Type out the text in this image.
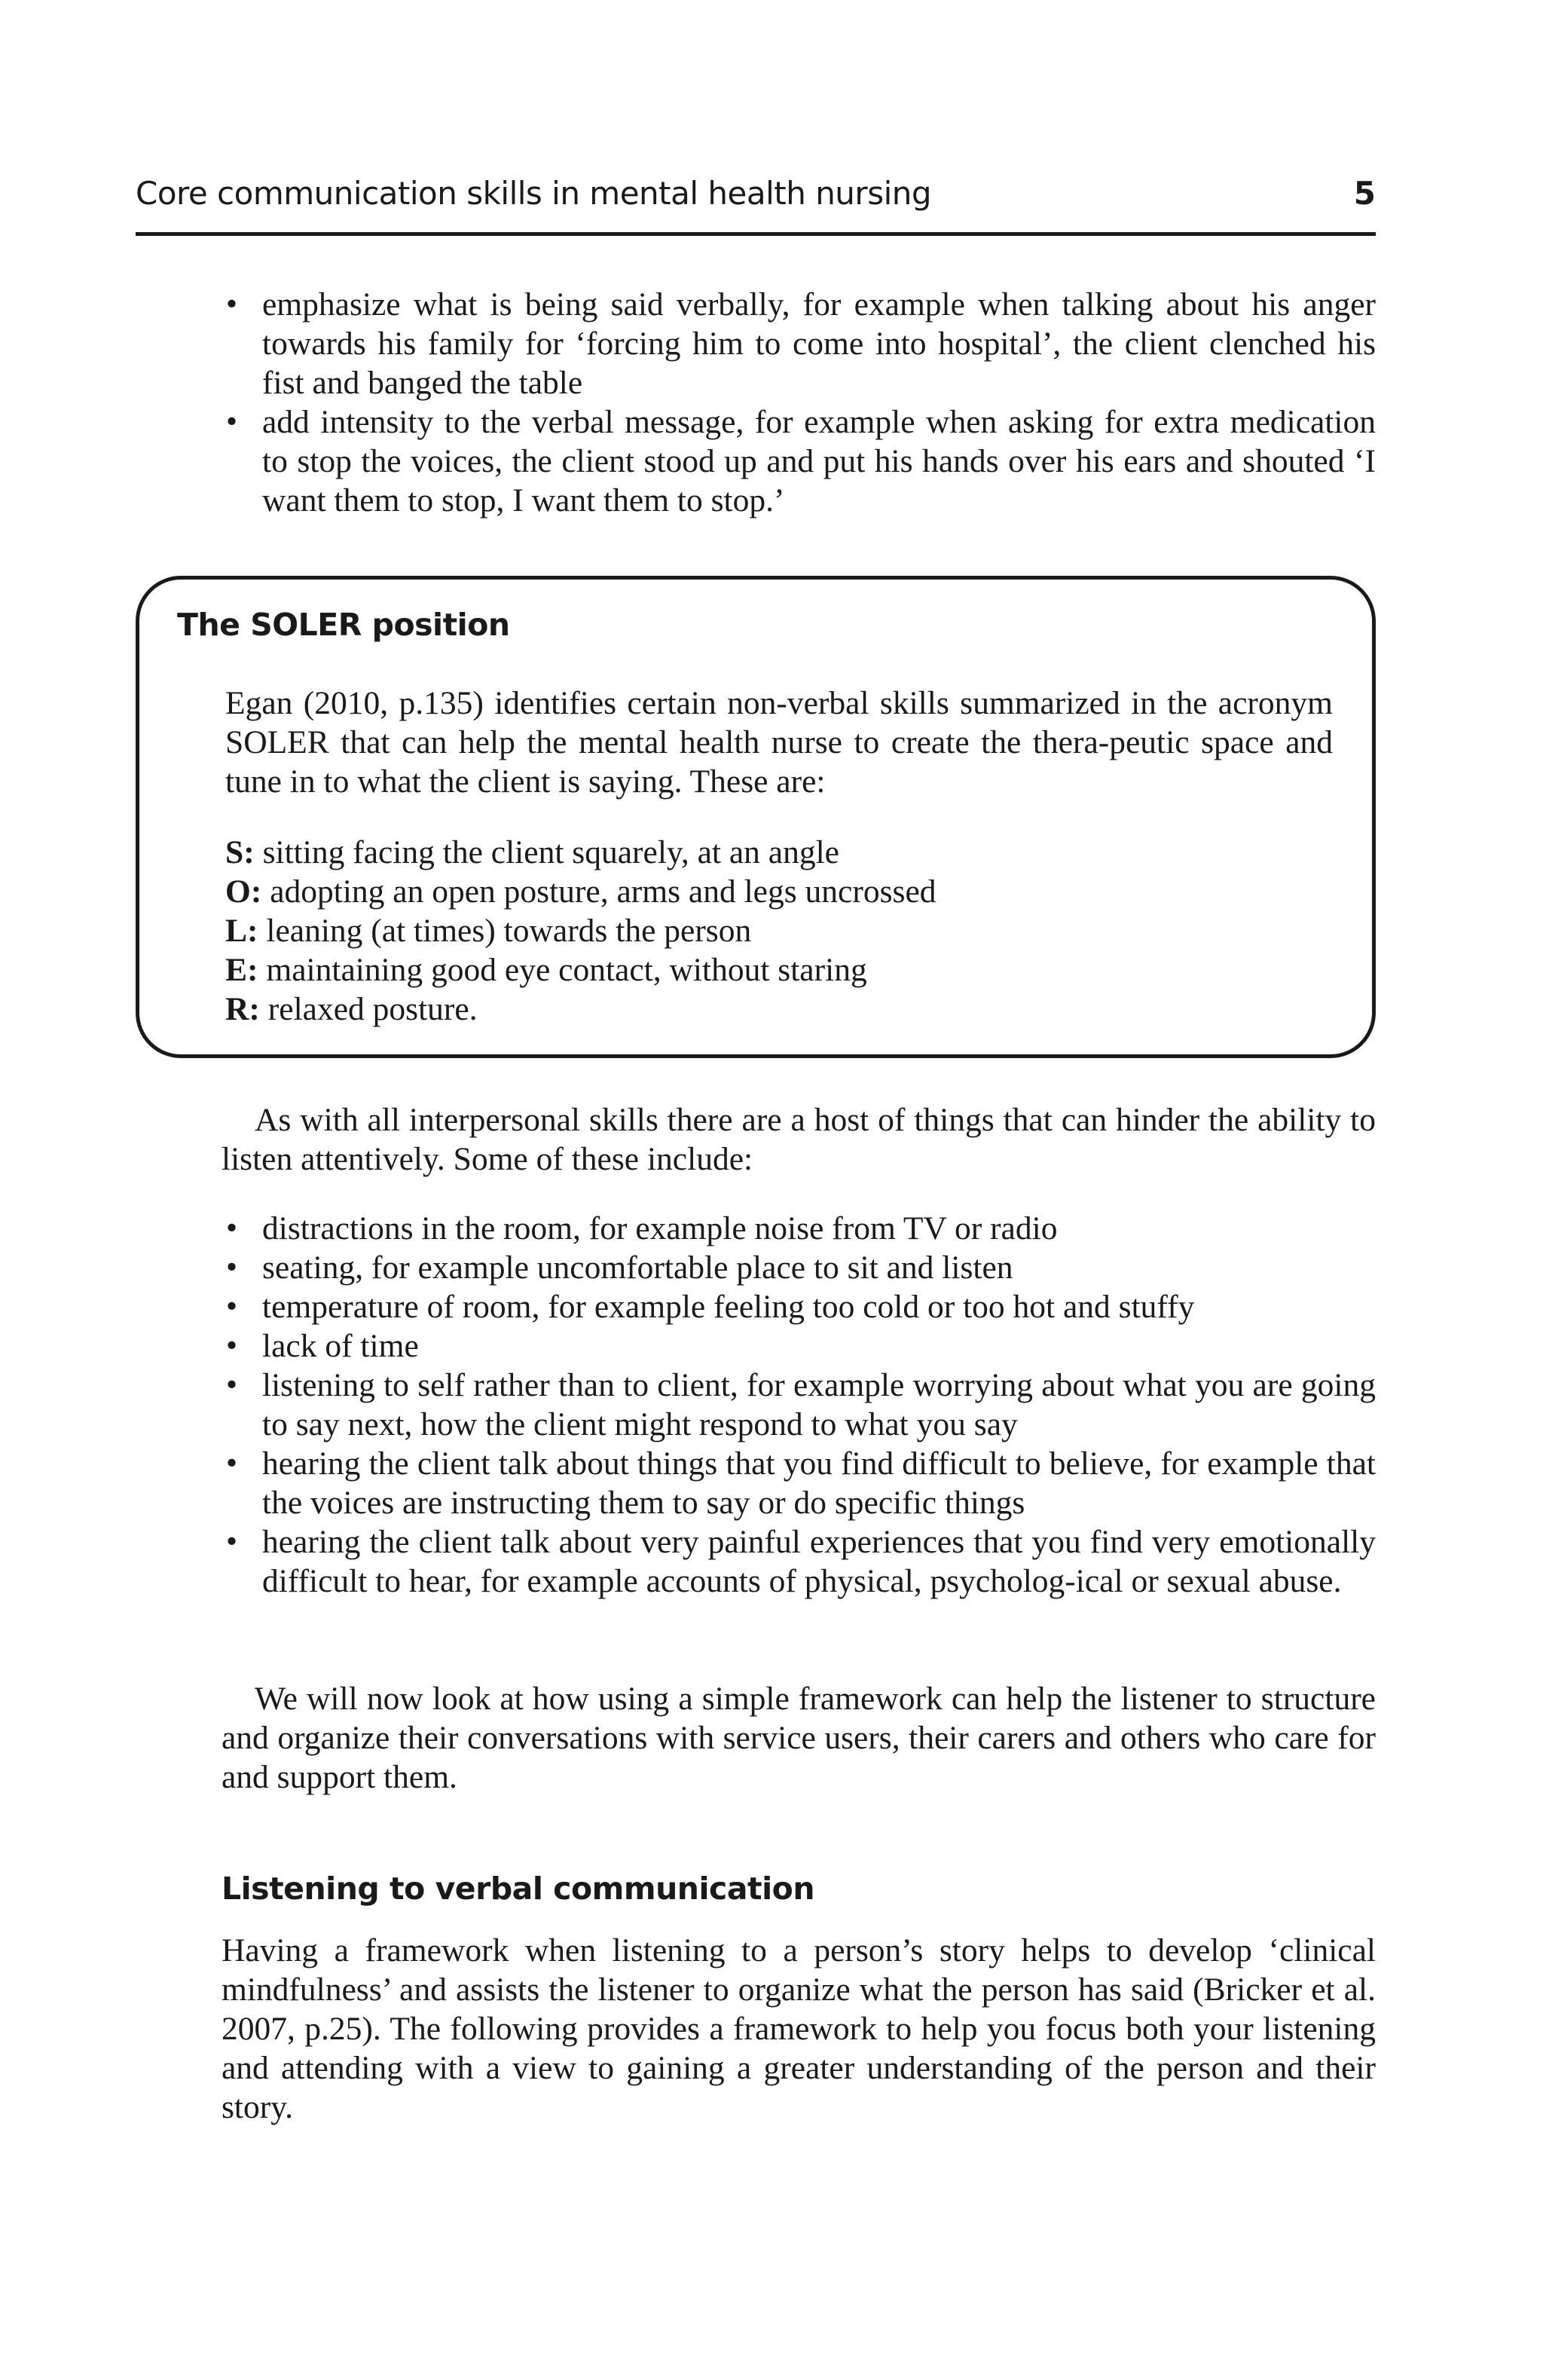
Core communication skills in mental health nursing	5
• emphasize what is being said verbally, for example when talking about his anger towards his family for ‘forcing him to come into hospital’, the client clenched his fist and banged the table
• add intensity to the verbal message, for example when asking for extra medication to stop the voices, the client stood up and put his hands over his ears and shouted ‘I want them to stop, I want them to stop.’
The SOLER position
Egan (2010, p.135) identifies certain non-verbal skills summarized in the acronym SOLER that can help the mental health nurse to create the thera-peutic space and tune in to what the client is saying. These are:
S: sitting facing the client squarely, at an angle
O: adopting an open posture, arms and legs uncrossed
L: leaning (at times) towards the person
E: maintaining good eye contact, without staring
R: relaxed posture.

As with all interpersonal skills there are a host of things that can hinder the ability to listen attentively. Some of these include:

• distractions in the room, for example noise from TV or radio
• seating, for example uncomfortable place to sit and listen
• temperature of room, for example feeling too cold or too hot and stuffy
• lack of time
• listening to self rather than to client, for example worrying about what you are going to say next, how the client might respond to what you say
• hearing the client talk about things that you find difficult to believe, for example that the voices are instructing them to say or do specific things
• hearing the client talk about very painful experiences that you find very emotionally difficult to hear, for example accounts of physical, psycholog-ical or sexual abuse.

We will now look at how using a simple framework can help the listener to structure and organize their conversations with service users, their carers and others who care for and support them.

Listening to verbal communication

Having a framework when listening to a person’s story helps to develop ‘clinical mindfulness’ and assists the listener to organize what the person has said (Bricker et al. 2007, p.25). The following provides a framework to help you focus both your listening and attending with a view to gaining a greater understanding of the person and their story.
